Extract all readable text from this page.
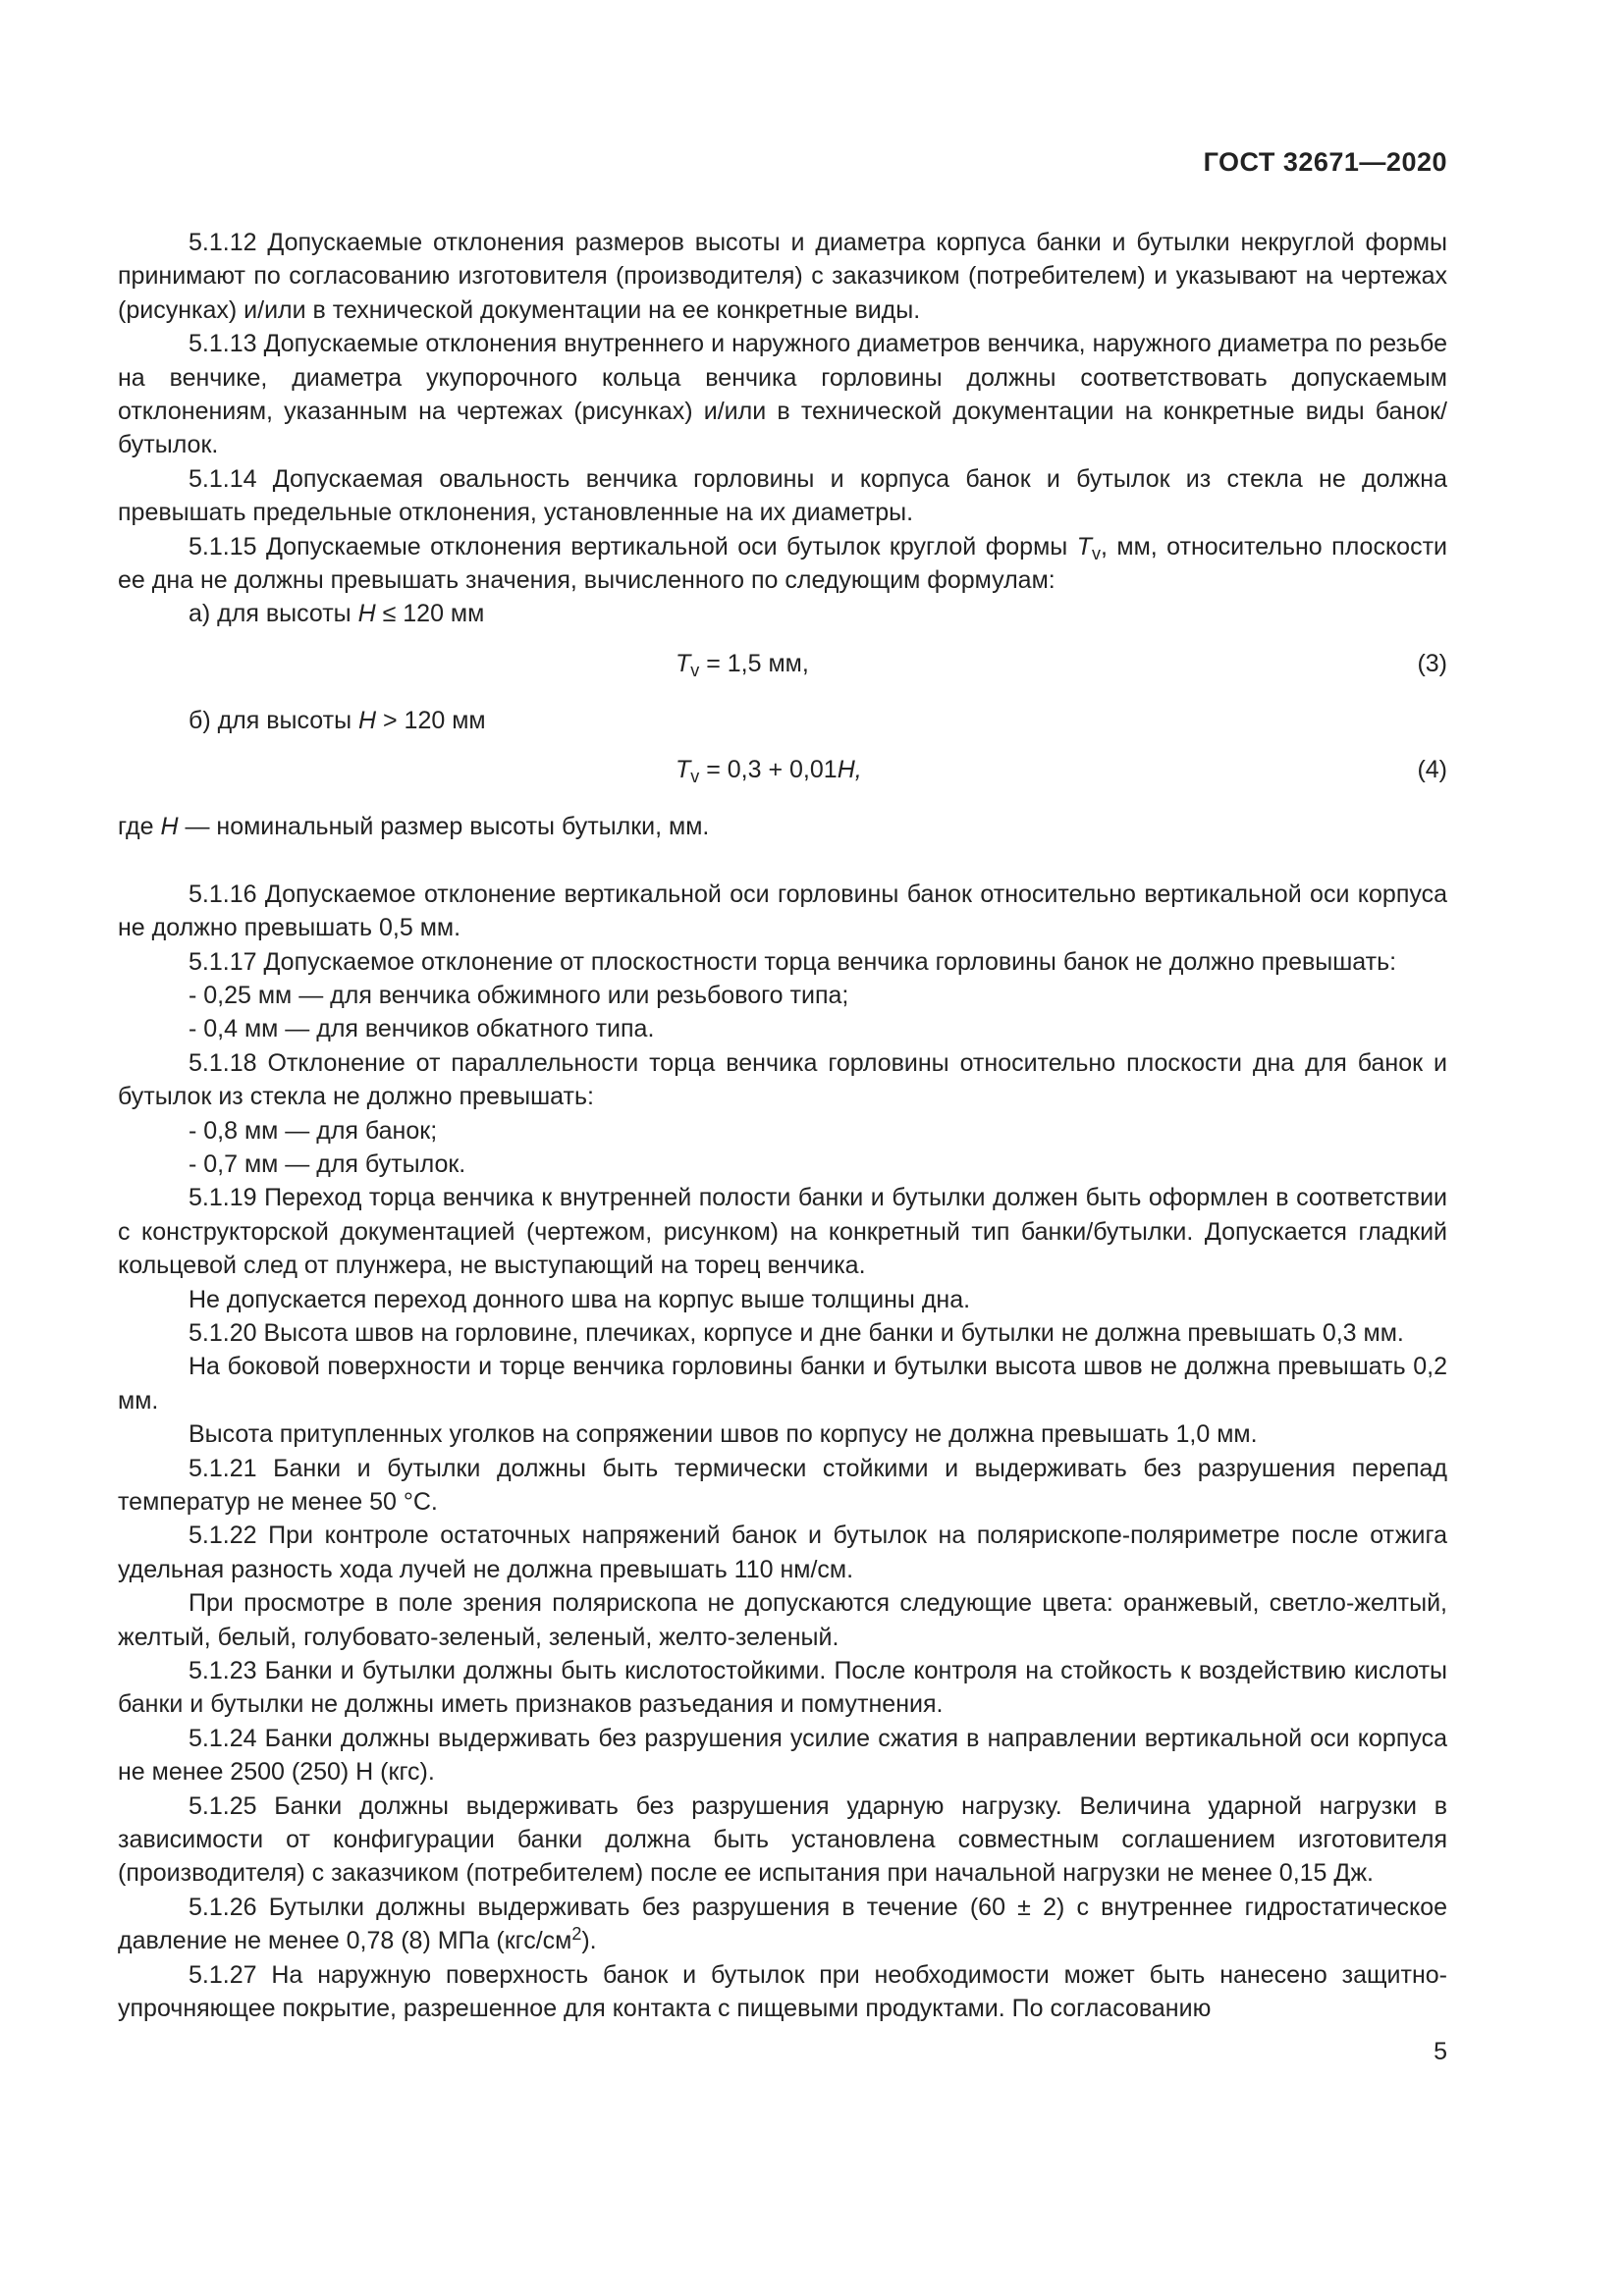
ГОСТ 32671—2020

5.1.12 Допускаемые отклонения размеров высоты и диаметра корпуса банки и бутылки некруглой формы принимают по согласованию изготовителя (производителя) с заказчиком (потребителем) и указывают на чертежах (рисунках) и/или в технической документации на ее конкретные виды.

5.1.13 Допускаемые отклонения внутреннего и наружного диаметров венчика, наружного диаметра по резьбе на венчике, диаметра укупорочного кольца венчика горловины должны соответствовать допускаемым отклонениям, указанным на чертежах (рисунках) и/или в технической документации на конкретные виды банок/бутылок.

5.1.14 Допускаемая овальность венчика горловины и корпуса банок и бутылок из стекла не должна превышать предельные отклонения, установленные на их диаметры.

5.1.15 Допускаемые отклонения вертикальной оси бутылок круглой формы $T_v$, мм, относительно плоскости ее дна не должны превышать значения, вычисленного по следующим формулам:

а) для высоты H ≤ 120 мм

$T_v = 1,5$ мм,	(3)

б) для высоты H > 120 мм

$T_v = 0,3 + 0,01H$,	(4)

где H — номинальный размер высоты бутылки, мм.

5.1.16 Допускаемое отклонение вертикальной оси горловины банок относительно вертикальной оси корпуса не должно превышать 0,5 мм.

5.1.17 Допускаемое отклонение от плоскостности торца венчика горловины банок не должно превышать:

- 0,25 мм — для венчика обжимного или резьбового типа;

- 0,4 мм — для венчиков обкатного типа.

5.1.18 Отклонение от параллельности торца венчика горловины относительно плоскости дна для банок и бутылок из стекла не должно превышать:

- 0,8 мм — для банок;

- 0,7 мм — для бутылок.

5.1.19 Переход торца венчика к внутренней полости банки и бутылки должен быть оформлен в соответствии с конструкторской документацией (чертежом, рисунком) на конкретный тип банки/бутылки. Допускается гладкий кольцевой след от плунжера, не выступающий на торец венчика.

Не допускается переход донного шва на корпус выше толщины дна.

5.1.20 Высота швов на горловине, плечиках, корпусе и дне банки и бутылки не должна превышать 0,3 мм.

На боковой поверхности и торце венчика горловины банки и бутылки высота швов не должна превышать 0,2 мм.

Высота притупленных уголков на сопряжении швов по корпусу не должна превышать 1,0 мм.

5.1.21 Банки и бутылки должны быть термически стойкими и выдерживать без разрушения перепад температур не менее 50 °С.

5.1.22 При контроле остаточных напряжений банок и бутылок на полярископе-поляриметре после отжига удельная разность хода лучей не должна превышать 110 нм/см.

При просмотре в поле зрения полярископа не допускаются следующие цвета: оранжевый, светло-желтый, желтый, белый, голубовато-зеленый, зеленый, желто-зеленый.

5.1.23 Банки и бутылки должны быть кислотостойкими. После контроля на стойкость к воздействию кислоты банки и бутылки не должны иметь признаков разъедания и помутнения.

5.1.24 Банки должны выдерживать без разрушения усилие сжатия в направлении вертикальной оси корпуса не менее 2500 (250) Н (кгс).

5.1.25 Банки должны выдерживать без разрушения ударную нагрузку. Величина ударной нагрузки в зависимости от конфигурации банки должна быть установлена совместным соглашением изготовителя (производителя) с заказчиком (потребителем) после ее испытания при начальной нагрузки не менее 0,15 Дж.

5.1.26 Бутылки должны выдерживать без разрушения в течение (60 ± 2) с внутреннее гидростатическое давление не менее 0,78 (8) МПа $(кгс/см^2)$.

5.1.27 На наружную поверхность банок и бутылок при необходимости может быть нанесено защитно-упрочняющее покрытие, разрешенное для контакта с пищевыми продуктами. По согласованию

5
